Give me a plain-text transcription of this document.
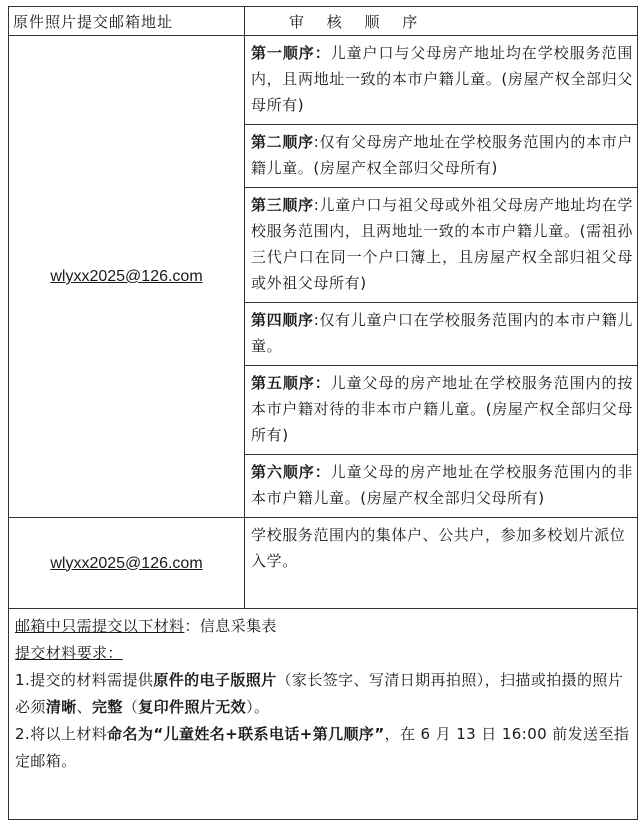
原件照片提交邮箱地址	审 核 顺 序
wlyxx2025@126.com	第一顺序：儿童户口与父母房产地址均在学校服务范围内，且两地址一致的本市户籍儿童。(房屋产权全部归父母所有)
	第二顺序:仅有父母房产地址在学校服务范围内的本市户籍儿童。(房屋产权全部归父母所有)
	第三顺序:儿童户口与祖父母或外祖父母房产地址均在学校服务范围内，且两地址一致的本市户籍儿童。(需祖孙三代户口在同一个户口簿上，且房屋产权全部归祖父母或外祖父母所有)
	第四顺序:仅有儿童户口在学校服务范围内的本市户籍儿童。
	第五顺序：儿童父母的房产地址在学校服务范围内的按本市户籍对待的非本市户籍儿童。(房屋产权全部归父母所有)
	第六顺序：儿童父母的房产地址在学校服务范围内的非本市户籍儿童。(房屋产权全部归父母所有)
wlyxx2025@126.com	学校服务范围内的集体户、公共户，参加多校划片派位入学。

邮箱中只需提交以下材料：信息采集表

提交材料要求：

1.提交的材料需提供原件的电子版照片（家长签字、写清日期再拍照），扫描或拍摄的照片必须清晰、完整（复印件照片无效）。

2.将以上材料命名为“儿童姓名+联系电话+第几顺序”，在 6 月 13 日 16:00 前发送至指定邮箱。	
